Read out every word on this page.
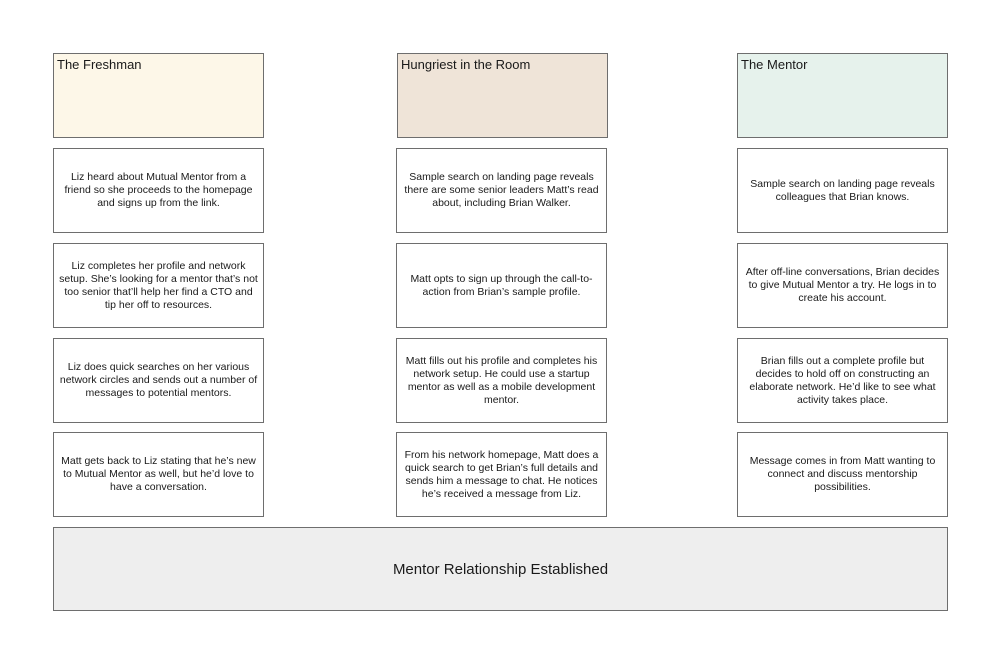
The Freshman
Liz heard about Mutual Mentor from a friend so she proceeds to the homepage and signs up from the link.
Liz completes her profile and network setup. She’s looking for a mentor that’s not too senior that’ll help her find a CTO and tip her off to resources.
Liz does quick searches on her various network circles and sends out a number of messages to potential mentors.
Matt gets back to Liz stating that he’s new to Mutual Mentor as well, but he’d love to have a conversation.
Hungriest in the Room
Sample search on landing page reveals there are some senior leaders Matt’s read about, including Brian Walker.
Matt opts to sign up through the call-to-action from Brian’s sample profile.
Matt fills out his profile and completes his network setup. He could use a startup mentor as well as a mobile development mentor.
From his network homepage, Matt does a quick search to get Brian’s full details and sends him a message to chat. He notices he’s received a message from Liz.
The Mentor
Sample search on landing page reveals colleagues that Brian knows.
After off-line conversations, Brian decides to give Mutual Mentor a try. He logs in to create his account.
Brian fills out a complete profile but decides to hold off on constructing an elaborate network. He’d like to see what activity takes place.
Message comes in from Matt wanting to connect and discuss mentorship possibilities.
Mentor Relationship Established
